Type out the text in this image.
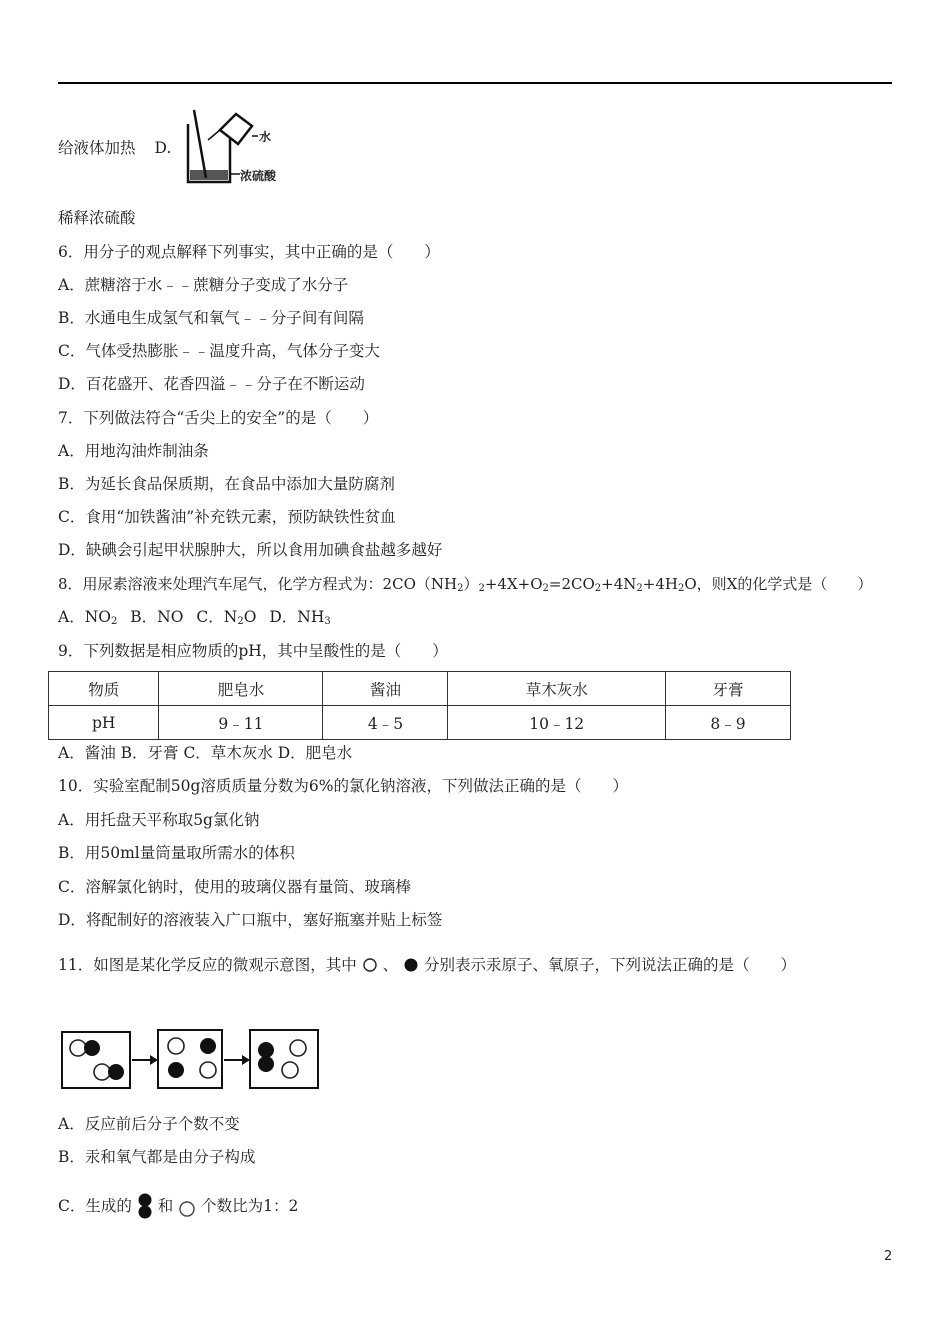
给液体加热 D.
水
浓硫酸
稀释浓硫酸
6．用分子的观点解释下列事实，其中正确的是（　　）
A．蔗糖溶于水﹣﹣蔗糖分子变成了水分子
B．水通电生成氢气和氧气﹣﹣分子间有间隔
C．气体受热膨胀﹣﹣温度升高，气体分子变大
D．百花盛开、花香四溢﹣﹣分子在不断运动
7．下列做法符合“舌尖上的安全”的是（　　）
A．用地沟油炸制油条
B．为延长食品保质期，在食品中添加大量防腐剂
C．食用“加铁酱油”补充铁元素，预防缺铁性贫血
D．缺碘会引起甲状腺肿大，所以食用加碘食盐越多越好
8．用尿素溶液来处理汽车尾气，化学方程式为：$2CO(NH_2)_2+4X+O_2=2CO_2+4N_2+4H_2O$，则X的化学式是（　　）
A．$NO_2$ B．NO C．$N_2O$ D．$NH_3$
9．下列数据是相应物质的pH，其中呈酸性的是（　　）
物质	肥皂水	酱油	草木灰水	牙膏
pH	9﹣11	4﹣5	10﹣12	8﹣9
A．酱油 B．牙膏 C．草木灰水 D．肥皂水
10．实验室配制50g溶质质量分数为6%的氯化钠溶液，下列做法正确的是（　　）
A．用托盘天平称取5g氯化钠
B．用50ml量筒量取所需水的体积
C．溶解氯化钠时，使用的玻璃仪器有量筒、玻璃棒
D．将配制好的溶液装入广口瓶中，塞好瓶塞并贴上标签
11．如图是某化学反应的微观示意图，其中 、 分别表示汞原子、氧原子，下列说法正确的是（　　）
A．反应前后分子个数不变
B．汞和氧气都是由分子构成
C．生成的 和 个数比为1：2
2
